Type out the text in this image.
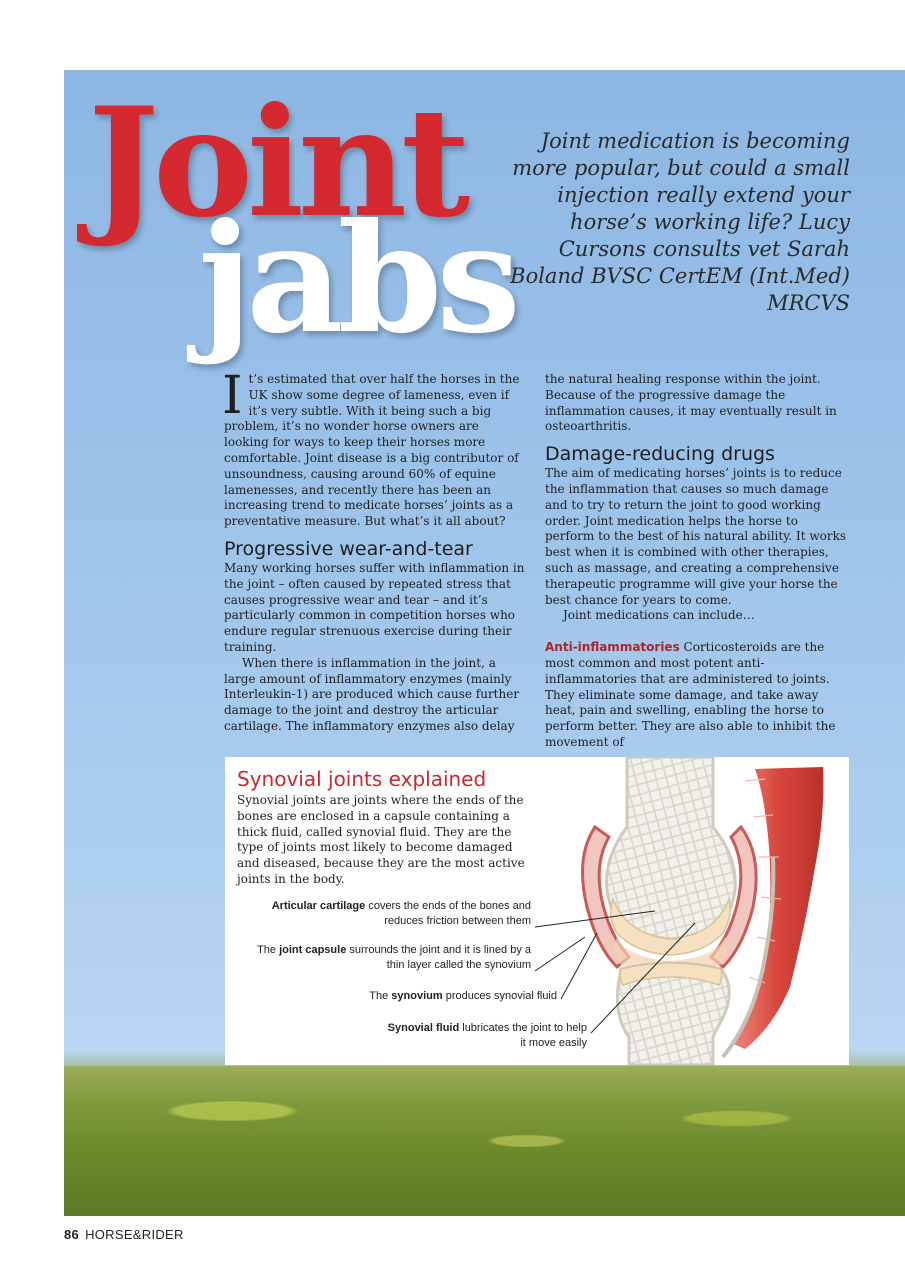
Joint
jabs
Joint medication is becoming more popular, but could a small injection really extend your horse’s working life? Lucy Cursons consults vet Sarah Boland BVSC CertEM (Int.Med) MRCVS

It’s estimated that over half the horses in the UK show some degree of lameness, even if it’s very subtle. With it being such a big problem, it’s no wonder horse owners are looking for ways to keep their horses more comfortable. Joint disease is a big contributor of unsoundness, causing around 60% of equine lamenesses, and recently there has been an increasing trend to medicate horses’ joints as a preventative measure. But what’s it all about?

Progressive wear-and-tear

Many working horses suffer with inflammation in the joint – often caused by repeated stress that causes progressive wear and tear – and it’s particularly common in competition horses who endure regular strenuous exercise during their training.

When there is inflammation in the joint, a large amount of inflammatory enzymes (mainly Interleukin-1) are produced which cause further damage to the joint and destroy the articular cartilage. The inflammatory enzymes also delay

the natural healing response within the joint. Because of the progressive damage the inflammation causes, it may eventually result in osteoarthritis.

Damage-reducing drugs

The aim of medicating horses’ joints is to reduce the inflammation that causes so much damage and to try to return the joint to good working order. Joint medication helps the horse to perform to the best of his natural ability. It works best when it is combined with other therapies, such as massage, and creating a comprehensive therapeutic programme will give your horse the best chance for years to come.

Joint medications can include…

Anti-inflammatories Corticosteroids are the most common and most potent anti-inflammatories that are administered to joints. They eliminate some damage, and take away heat, pain and swelling, enabling the horse to perform better. They are also able to inhibit the movement of

Synovial joints explained
Synovial joints are joints where the ends of the bones are enclosed in a capsule containing a thick fluid, called synovial fluid. They are the type of joints most likely to become damaged and diseased, because they are the most active joints in the body.
Articular cartilage covers the ends of the bones and reduces friction between them
The joint capsule surrounds the joint and it is lined by a thin layer called the synovium
The synovium produces synovial fluid
Synovial fluid lubricates the joint to help it move easily
86 HORSE&RIDER
